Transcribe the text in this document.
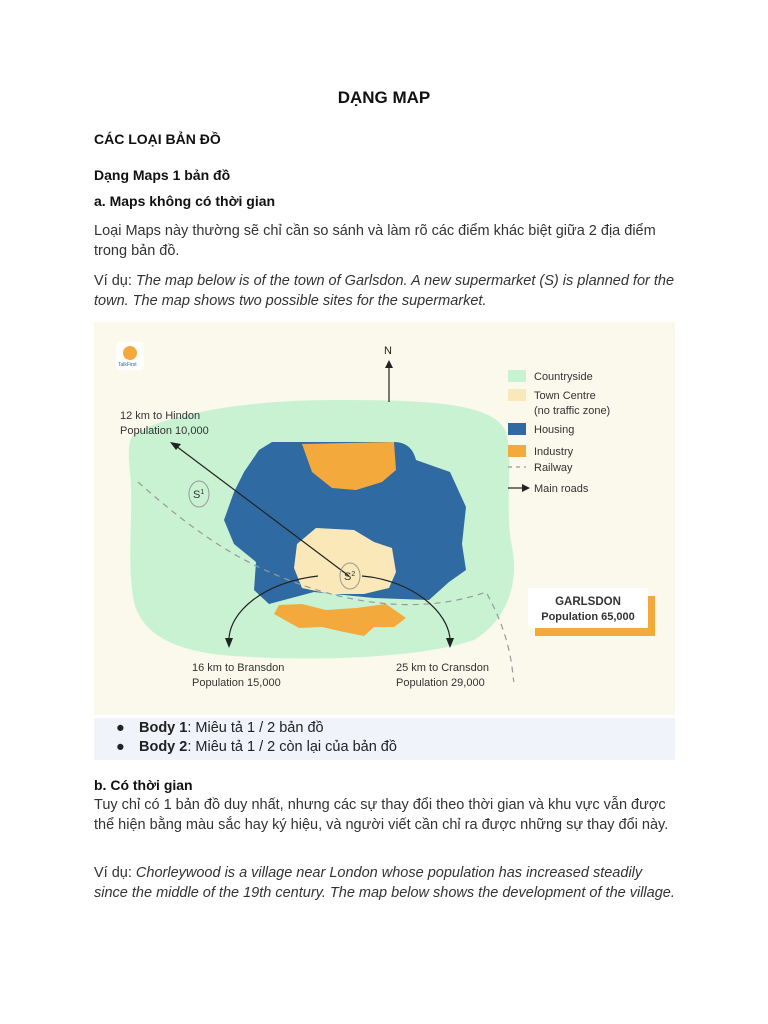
DẠNG MAP
CÁC LOẠI BẢN ĐỒ
Dạng Maps 1 bản đồ
a. Maps không có thời gian
Loại Maps này thường sẽ chỉ cần so sánh và làm rõ các điểm khác biệt giữa 2 địa điểm trong bản đồ.
Ví dụ: The map below is of the town of Garlsdon. A new supermarket (S) is planned for the town. The map shows two possible sites for the supermarket.
N
$S^1$
$S^2$
12 km to Hindon
Population 10,000
16 km to Bransdon
Population 15,000
25 km to Cransdon
Population 29,000
TalkFirst
Countryside
Town Centre
(no traffic zone)
Housing
Industry
Railway
Main roads
GARLSDON
Population 65,000
● Body 1: Miêu tả 1 / 2 bản đồ
● Body 2: Miêu tả 1 / 2 còn lại của bản đồ
b. Có thời gian
Tuy chỉ có 1 bản đồ duy nhất, nhưng các sự thay đổi theo thời gian và khu vực vẫn được thể hiện bằng màu sắc hay ký hiệu, và người viết cần chỉ ra được những sự thay đổi này.
Ví dụ: Chorleywood is a village near London whose population has increased steadily since the middle of the 19th century. The map below shows the development of the village.
